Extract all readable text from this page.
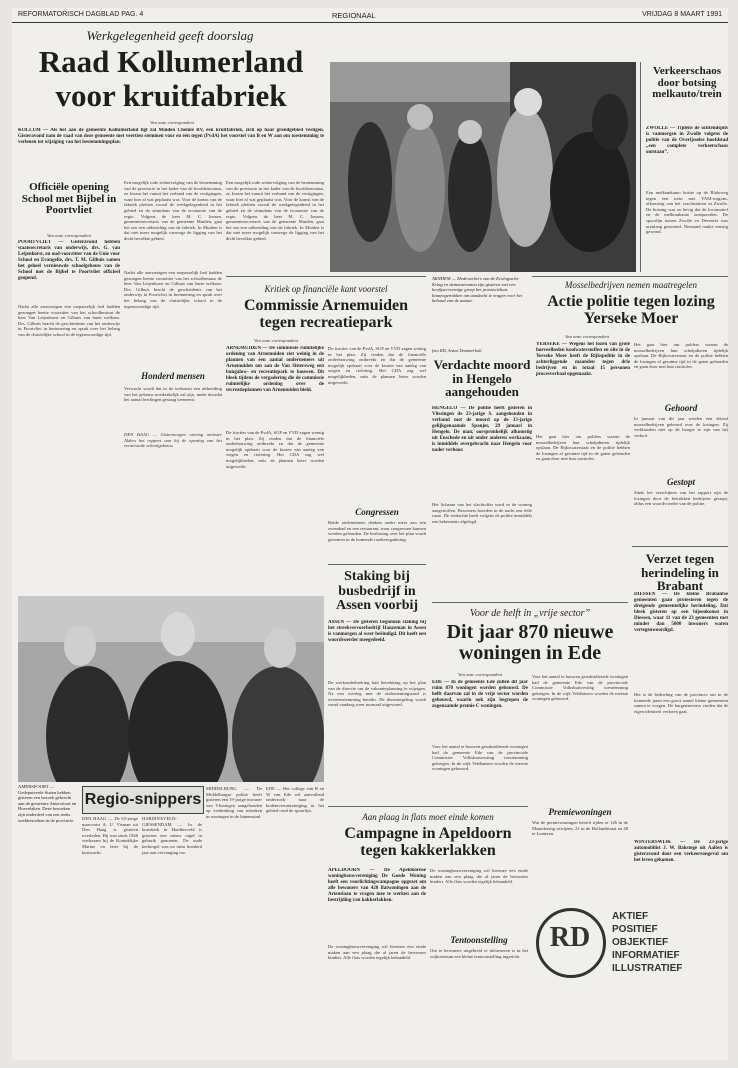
REFORMATORISCH DAGBLAD PAG. 4	REGIONAAL	VRIJDAG 8 MAART 1991
Werkgelegenheid geeft doorslag
Raad Kollumerland
voor kruitfabriek
Van onze correspondent
KOLLUM — Als het aan de gemeente Kollumerland ligt zal Muiden Chemie BV, een kruitfabriek, zich op haar grondgebied vestigen. Gisteravond nam de raad van deze gemeente met veertien stemmen voor en één tegen (PvdA) het voorstel van B en W aan om toestemming te verlenen tot wijziging van het bestemmingsplan.
Een mogelijk rode achtervolging van de bestemming van de provincie in het kader van de hoofdstructuur, zo kwam het vanuit het verband van de vestigingen, waar hier al wat geplaatst was. Voor de komst van de fabriek pleitten vooral de werkgelegenheid in het gebied en de stimulans van de economie van de regio. Volgens de heer M. C. Jonsen, gemeentesecretaris van de gemeente Muiden, gaat het om een uitbreiding van de fabriek. In Muiden is dat niet meer mogelijk vanwege de ligging van het dicht bevolkte gebied.
Een mogelijk rode achtervolging van de bestemming van de provincie in het kader van de hoofdstructuur, zo kwam het vanuit het verband van de vestigingen, waar hier al wat geplaatst was. Voor de komst van de fabriek pleitten vooral de werkgelegenheid in het gebied en de stimulans van de economie van de regio. Volgens de heer M. C. Jonsen, gemeentesecretaris van de gemeente Muiden, gaat het om een uitbreiding van de fabriek. In Muiden is dat niet meer mogelijk vanwege de ligging van het dicht bevolkte gebied.
Officiële opening School met Bijbel in Poortvliet
Van onze correspondent
POORTVLIET — Gisteravond hebben staatssecretaris van onderwijs, drs. G. van Leijenhorst, en oud-voorzitter van de Unie voor School en Evangelie, drs. T. M. Gilhuis samen het geheel vernieuwde schoolgebouw van de School met de Bijbel te Poortvliet officieel geopend.
Nadat alle aanwezigen een toepasselijk lied hadden gezongen heette voorzitter van het schoolbestuur de heer Van Leijenhorst en Gilhuis van harte welkom. Drs. Gilhuis bracht de geschiedenis van het onderwijs in Poortvliet in herinnering en sprak over het belang van de christelijke school in de tegenwoordige tijd.
Nadat alle aanwezigen een toepasselijk lied hadden gezongen heette voorzitter van het schoolbestuur de heer Van Leijenhorst en Gilhuis van harte welkom. Drs. Gilhuis bracht de geschiedenis van het onderwijs in Poortvliet in herinnering en sprak over het belang van de christelijke school in de tegenwoordige tijd.
Honderd mensen
Verwacht wordt dat in de toekomst een uitbreiding van het gebouw noodzakelijk zal zijn, mede doordat het aantal leerlingen gestaag toeneemt.
DEN HAAG — Gistermorgen ontving minister Alders het rapport aan bij de opening van het vernieuwde schoolgebouw.
Verkeerschaos door botsing melkauto/trein
ZWOLLE — Tijdens de ochtendspits is vanmorgen in Zwolle volgens de politie van de Overijsselse hoofdstad „een complete verkeerschaos ontstaan”.
Een melktankauto botste op de Blaloweg tegen een trein met VAM-wagons, afkomstig van het vrachtstation in Zwolle. De botsing was zo hevig dat de locomotief en de melktankauto ontspoorden. De spoorlijn tussen Zwolle en Deventer was urenlang gestremd. Niemand raakte ernstig gewond.
ARNHEM — Medewerkers van de Ecologische Kring en demonstranten zijn gisteren met een hoefijzervormige groep het provinciehuis binnengetrokken om aandacht te vragen voor het behoud van de natuur.
foto RD, Anton Dommerholt
Kritiek op financiële kant voorstel
Commissie Arnemuiden tegen recreatiepark
Van onze correspondent
ARNEMUIDEN — De commissie ruimtelijke ordening van Arnemuiden ziet weinig in de plannen van een aantal ondernemers uit Arnemuiden om aan de Van Sittersweg een bungalow- en recreatiepark te bouwen. Dit bleek tijdens de vergadering die de commissie ruimtelijke ordening over de recreatieplannen van Arnemuiden hield.
De fracties van de PvdA, SGP en VVD zagen weinig in het plan. Zij vinden dat de financiële onderbouwing ontbreekt en dat de gemeente mogelijk opdraait voor de kosten van aanleg van wegen en riolering. Het CDA zag wel mogelijkheden, mits de plannen beter worden uitgewerkt.
De fracties van de PvdA, SGP en VVD zagen weinig in het plan. Zij vinden dat de financiële onderbouwing ontbreekt en dat de gemeente mogelijk opdraait voor de kosten van aanleg van wegen en riolering. Het CDA zag wel mogelijkheden, mits de plannen beter worden uitgewerkt.
Congressen
Beide ondernemers denken onder meer aan een zwembad en een restaurant, waar congressen kunnen worden gehouden. De beslissing over het plan wordt genomen in de komende raadsvergadering.
Verdachte moord in Hengelo aangehouden
HENGELO — De politie heeft gisteren in Vlissingen de 23-jarige S. aangehouden in verband met de moord op de 33-jarige gelijkgenaamde Spanjer, 29 januari in Hengelo. De man, oorspronkelijk afkomstig uit Enschede en uit onder anderen werkzaam, is inmiddels overgebracht naar Hengelo voor nader verhoor.
Het lichaam van het slachtoffer werd in de woning aangetroffen. Bewoners hoorden in de nacht een felle ruzie. De verdachte heeft volgens de politie inmiddels een bekentenis afgelegd.
Mosselbedrijven nemen maatregelen
Actie politie tegen lozing Yerseke Moer
Van onze correspondent
YERSEKE — Wegens het lozen van grote hoeveelheden koolwaterstoffen en olie in de Yerseke Moer heeft de Rijkspolitie in de achterliggende maanden tegen drie bedrijven en in totaal 15 personen procesverbaal opgemaakt.
Het gaat hier om polders waarin de mosselbedrijven hun schelpdieren tijdelijk opslaan. De Rijkswaterstaat en de politie hebben de lozingen al geruime tijd in de gaten gehouden en gaan door met hun controles.
Het gaat hier om polders waarin de mosselbedrijven hun schelpdieren tijdelijk opslaan. De Rijkswaterstaat en de politie hebben de lozingen al geruime tijd in de gaten gehouden en gaan door met hun controles.
Gehoord
In januari van dit jaar werden een drietal mosselbedrijven gehoord over de lozingen. Zij verklaarden niet op de hoogte te zijn van het verbod.
Gestopt
Sinds het verschijnen van het rapport zijn de lozingen door de betrokken bedrijven gestopt, aldus een woordvoerder van de politie.
Staking bij busbedrijf in Assen voorbij
ASSEN — De gisteren begonnen staking bij het streekvervoerbedrijf Hanzeman in Assen is vanmorgen al weer beëindigd. Dit heeft een woordvoerder meegedeeld.
De werkonderbreking had betrekking op het plan van de directie om de vakantieplanning te wijzigen. Na een overleg met de ondernemingsraad is overeenstemming bereikt. De dienstregeling wordt vanaf vandaag weer normaal uitgevoerd.
Voor de helft in „vrije sector”
Dit jaar 870 nieuwe woningen in Ede
Van onze correspondent
EDE — In de gemeente Ede zullen dit jaar ruim 870 woningen worden gebouwd. De helft daarvan zal in de vrije sector worden gebouwd, waarin ook zijn begrepen de zogenaamde premie C woningen.
Voor het aantal te bouwen gesubsidieerde woningen had de gemeente Ede van de provinciale Commissie Volkshuisvesting toestemming gekregen. In de wijk Veldhuizen worden de meeste woningen gebouwd.
Voor het aantal te bouwen gesubsidieerde woningen had de gemeente Ede van de provinciale Commissie Volkshuisvesting toestemming gekregen. In de wijk Veldhuizen worden de meeste woningen gebouwd.
Premiewoningen
Wat de premiewoningen betreft rijden er 126 in de Maandereng verrijzen, 21 in de Hoflandstraat en 48 te Lunteren.
Verzet tegen herindeling in Brabant
DIESSEN — De kleine Brabantse gemeenten gaan protesteren tegen de dreigende gemeentelijke herindeling. Dat bleek gisteren op een bijeenkomst in Diessen, waar 11 van de 23 gemeenten met minder dan 5000 inwoners waren vertegenwoordigd.
Het is de bedoeling van de provincie om in de komende jaren een groot aantal kleine gemeenten samen te voegen. De burgemeesters vinden dat de eigen identiteit verloren gaat.
WINTERSWIJK — De 23-jarige automobilist J. W. Bakstege uit Aalten is gisteravond door een verkeersongeval om het leven gekomen.
AMERSFOORT — Gedeputeerde Staten hebben gisteren een bezoek gebracht aan de gemeente Amersfoort en Hoevelaken. Deze bezoeken zijn onderdeel van een reeks werkbezoeken in de provincie.
Regio-snippers
DEN HAAG — De 63-jarige marconist A. U. Visman uit Den Haag is gisteren overleden. Hij was sinds 1946 werkzaam bij de Koninklijke Marine en later bij de kustwacht.
HARDINXVELD-GIESSENDAM — In de kruiskerk in Hardinxveld is gisteren een nieuw orgel in gebruik genomen. De oude kerkorgel was na ruim honderd jaar aan vervanging toe.
MIDDELBURG — De Middelburgse politie heeft gisteren een 19-jarige inwoner van Vlissingen aangehouden op verdenking van inbraken in woningen in de binnenstad.
EDE — Het college van B en W van Ede wil aanvullend onderzoek naar de bodemverontreiniging in het gebied rond de spoorlijn.
Aan plaag in flats moet einde komen
Campagne in Apeldoorn tegen kakkerlakken
APELDOORN — De Apeldoornse woningbouwvereniging De Goede Woning heeft een voorlichtingscampagne opgezet om alle bewoners van 420 flatwoningen aan de Arienslaan te vragen mee te werken aan de bestrijding van kakkerlakken.
De woningbouwvereniging wil hiermee een einde maken aan een plaag die al jaren de bewoners hindert. Alle flats worden tegelijk behandeld.
De woningbouwvereniging wil hiermee een einde maken aan een plaag die al jaren de bewoners hindert. Alle flats worden tegelijk behandeld.
Tentoonstelling
Om te bewoners uitgebreid te informeren is in het wijkcentrum een kleine tentoonstelling ingericht.
RD
AKTIEF
POSITIEF
OBJEKTIEF
INFORMATIEF
ILLUSTRATIEF
